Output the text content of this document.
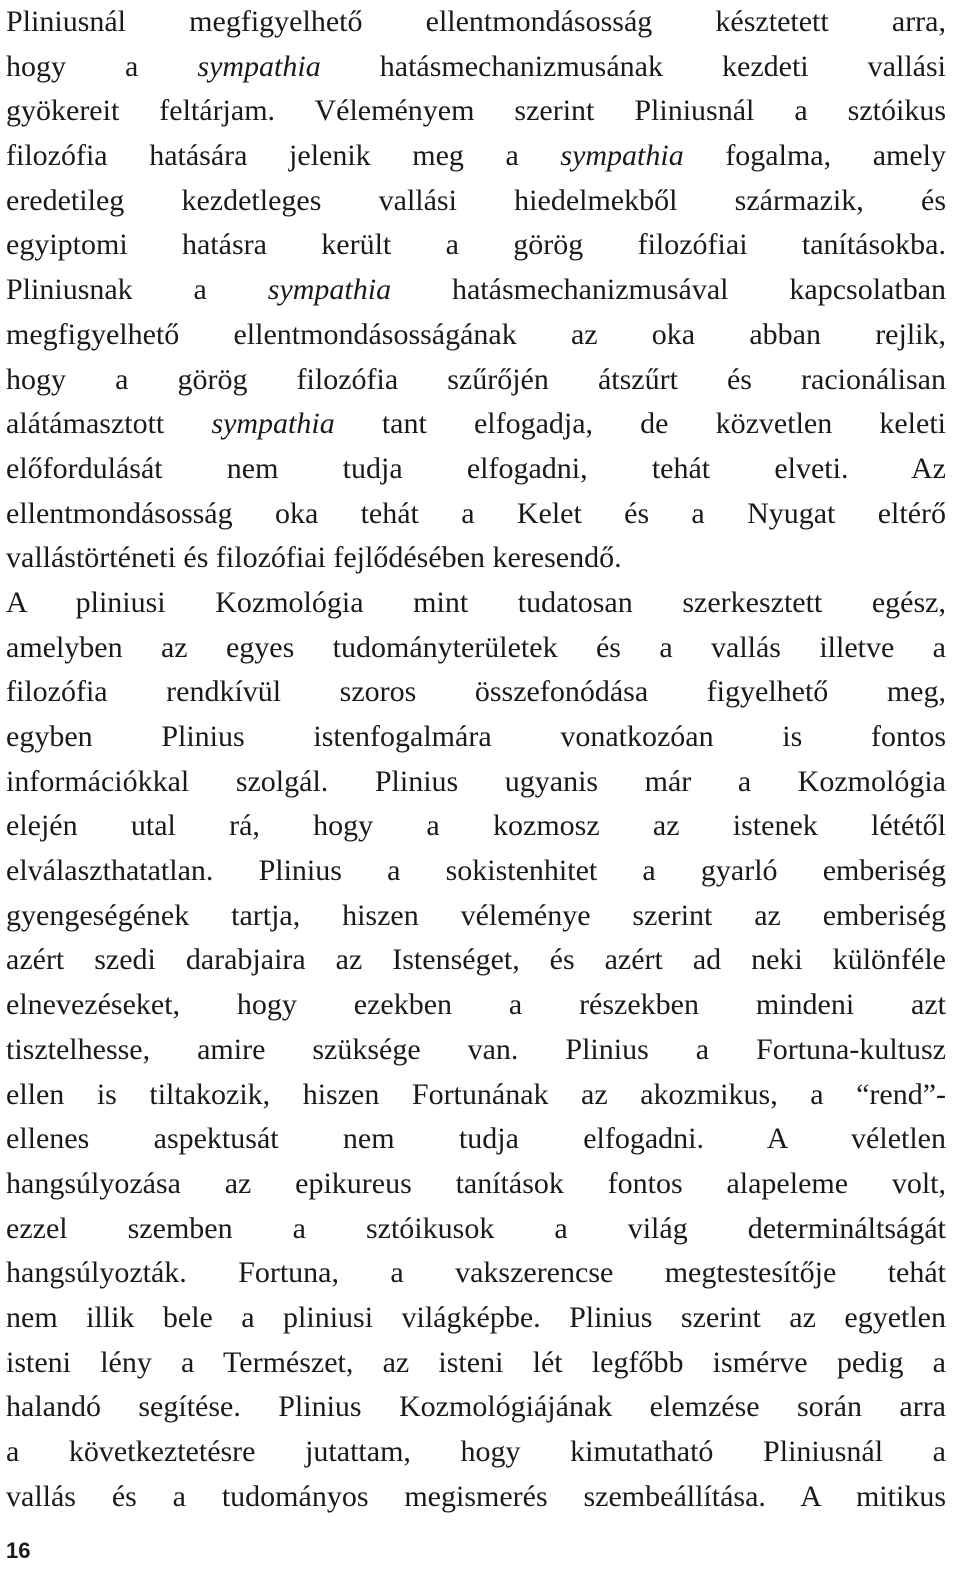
Pliniusnál megfigyelhető ellentmondásosság késztetett arra,
hogy a sympathia hatásmechanizmusának kezdeti vallási
gyökereit feltárjam. Véleményem szerint Pliniusnál a sztóikus
filozófia hatására jelenik meg a sympathia fogalma, amely
eredetileg kezdetleges vallási hiedelmekből származik, és
egyiptomi hatásra került a görög filozófiai tanításokba.
Pliniusnak a sympathia hatásmechanizmusával kapcsolatban
megfigyelhető ellentmondásosságának az oka abban rejlik,
hogy a görög filozófia szűrőjén átszűrt és racionálisan
alátámasztott sympathia tant elfogadja, de közvetlen keleti
előfordulását nem tudja elfogadni, tehát elveti. Az
ellentmondásosság oka tehát a Kelet és a Nyugat eltérő
vallástörténeti és filozófiai fejlődésében keresendő.
A pliniusi Kozmológia mint tudatosan szerkesztett egész,
amelyben az egyes tudományterületek és a vallás illetve a
filozófia rendkívül szoros összefonódása figyelhető meg,
egyben Plinius istenfogalmára vonatkozóan is fontos
információkkal szolgál. Plinius ugyanis már a Kozmológia
elején utal rá, hogy a kozmosz az istenek lététől
elválaszthatatlan. Plinius a sokistenhitet a gyarló emberiség
gyengeségének tartja, hiszen véleménye szerint az emberiség
azért szedi darabjaira az Istenséget, és azért ad neki különféle
elnevezéseket, hogy ezekben a részekben mindeni azt
tisztelhesse, amire szüksége van. Plinius a Fortuna-kultusz
ellen is tiltakozik, hiszen Fortunának az akozmikus, a “rend”-
ellenes aspektusát nem tudja elfogadni. A véletlen
hangsúlyozása az epikureus tanítások fontos alapeleme volt,
ezzel szemben a sztóikusok a világ determináltságát
hangsúlyozták. Fortuna, a vakszerencse megtestesítője tehát
nem illik bele a pliniusi világképbe. Plinius szerint az egyetlen
isteni lény a Természet, az isteni lét legfőbb ismérve pedig a
halandó segítése. Plinius Kozmológiájának elemzése során arra
a következtetésre jutattam, hogy kimutatható Pliniusnál a
vallás és a tudományos megismerés szembeállítása. A mitikus
16
